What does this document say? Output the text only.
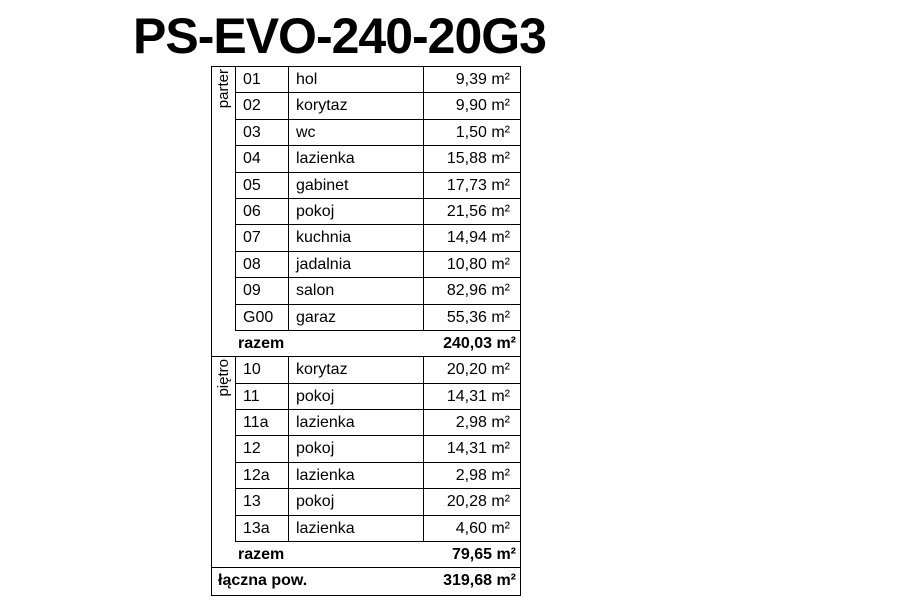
PS-EVO-240-20G3
parter 01	hol	9,39 m²
02	korytaz	9,90 m²
03	wc	1,50 m²
04	lazienka	15,88 m²
05	gabinet	17,73 m²
06	pokoj	21,56 m²
07	kuchnia	14,94 m²
08	jadalnia	10,80 m²
09	salon	82,96 m²
G00	garaz	55,36 m²
razem	240,03 m²
piętro 10	korytaz	20,20 m²
11	pokoj	14,31 m²
11a	lazienka	2,98 m²
12	pokoj	14,31 m²
12a	lazienka	2,98 m²
13	pokoj	20,28 m²
13a	lazienka	4,60 m²
razem	79,65 m²
łączna pow.	319,68 m²
